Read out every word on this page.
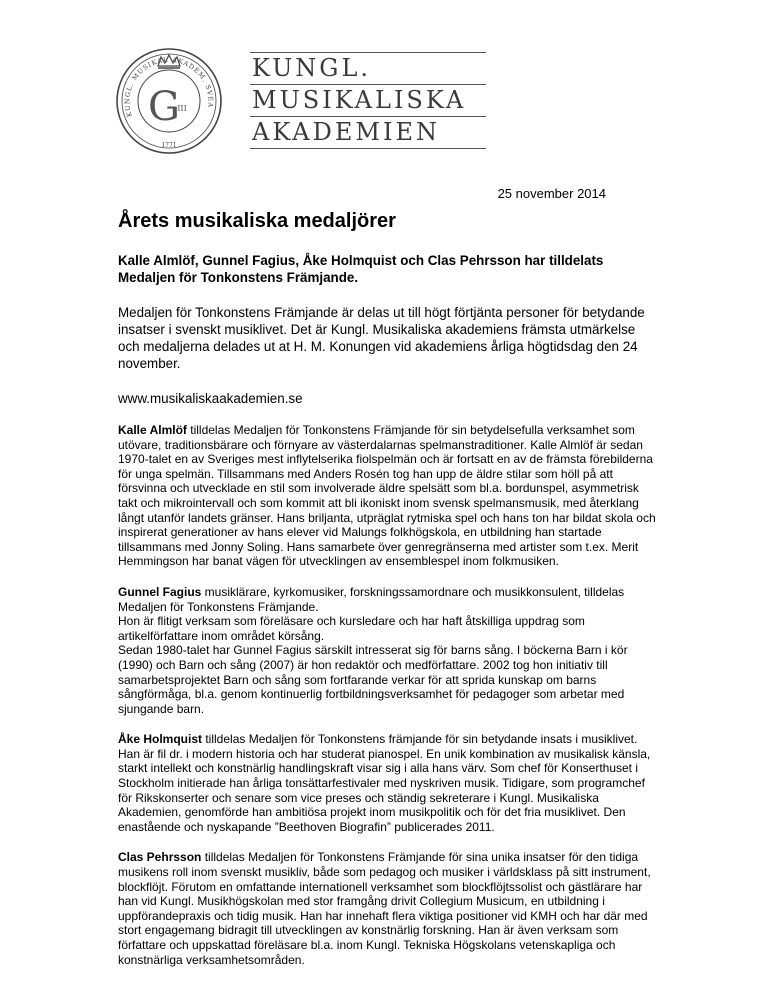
KUNGL. MUSIKAL AKADEM. SVEA
G
III
1771
KUNGL.
MUSIKALISKA
AKADEMIEN
25 november 2014
Årets musikaliska medaljörer

Kalle Almlöf, Gunnel Fagius, Åke Holmquist och Clas Pehrsson har tilldelats Medaljen för Tonkonstens Främjande.

Medaljen för Tonkonstens Främjande är delas ut till högt förtjänta personer för betydande insatser i svenskt musiklivet. Det är Kungl. Musikaliska akademiens främsta utmärkelse och medaljerna delades ut at H. M. Konungen vid akademiens årliga högtidsdag den 24 november.

www.musikaliskaakademien.se

Kalle Almlöf tilldelas Medaljen för Tonkonstens Främjande för sin betydelsefulla verksamhet som utövare, traditionsbärare och förnyare av västerdalarnas spelmanstraditioner. Kalle Almlöf är sedan 1970-talet en av Sveriges mest inflytelserika fiolspelmän och är fortsatt en av de främsta förebilderna för unga spelmän. Tillsammans med Anders Rosén tog han upp de äldre stilar som höll på att försvinna och utvecklade en stil som involverade äldre spelsätt som bl.a. bordunspel, asymmetrisk takt och mikrointervall och som kommit att bli ikoniskt inom svensk spelmansmusik, med återklang långt utanför landets gränser. Hans briljanta, utpräglat rytmiska spel och hans ton har bildat skola och inspirerat generationer av hans elever vid Malungs folkhögskola, en utbildning han startade tillsammans med Jonny Soling. Hans samarbete över genregränserna med artister som t.ex. Merit Hemmingson har banat vägen för utvecklingen av ensemblespel inom folkmusiken.

Gunnel Fagius musiklärare, kyrkomusiker, forskningssamordnare och musikkonsulent, tilldelas Medaljen för Tonkonstens Främjande.

Hon är flitigt verksam som föreläsare och kursledare och har haft åtskilliga uppdrag som artikelförfattare inom området körsång.

Sedan 1980-talet har Gunnel Fagius särskilt intresserat sig för barns sång. I böckerna Barn i kör (1990) och Barn och sång (2007) är hon redaktör och medförfattare. 2002 tog hon initiativ till samarbetsprojektet Barn och sång som fortfarande verkar för att sprida kunskap om barns sångförmåga, bl.a. genom kontinuerlig fortbildningsverksamhet för pedagoger som arbetar med sjungande barn.

Åke Holmquist tilldelas Medaljen för Tonkonstens främjande för sin betydande insats i musiklivet. Han är fil dr. i modern historia och har studerat pianospel. En unik kombination av musikalisk känsla, starkt intellekt och konstnärlig handlingskraft visar sig i alla hans värv. Som chef för Konserthuset i Stockholm initierade han årliga tonsättarfestivaler med nyskriven musik. Tidigare, som programchef för Rikskonserter och senare som vice preses och ständig sekreterare i Kungl. Musikaliska Akademien, genomförde han ambitiösa projekt inom musikpolitik och för det fria musiklivet. Den enastående och nyskapande ”Beethoven Biografin” publicerades 2011.

Clas Pehrsson tilldelas Medaljen för Tonkonstens Främjande för sina unika insatser för den tidiga musikens roll inom svenskt musikliv, både som pedagog och musiker i världsklass på sitt instrument, blockflöjt. Förutom en omfattande internationell verksamhet som blockflöjtssolist och gästlärare har han vid Kungl. Musikhögskolan med stor framgång drivit Collegium Musicum, en utbildning i uppförandepraxis och tidig musik. Han har innehaft flera viktiga positioner vid KMH och har där med stort engagemang bidragit till utvecklingen av konstnärlig forskning. Han är även verksam som författare och uppskattad föreläsare bl.a. inom Kungl. Tekniska Högskolans vetenskapliga och konstnärliga verksamhetsområden.
